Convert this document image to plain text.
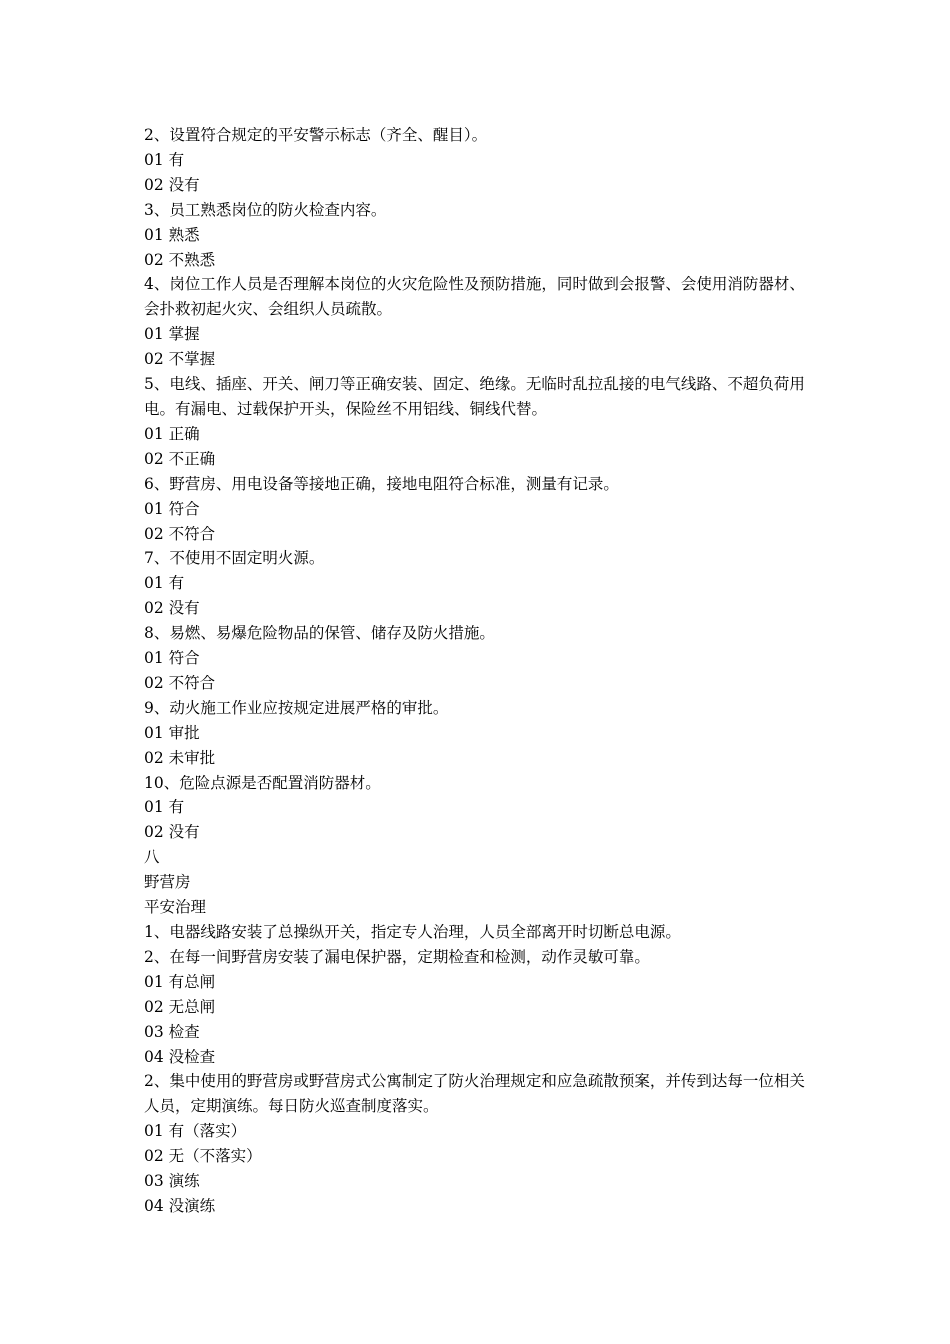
2、设置符合规定的平安警示标志（齐全、醒目）。

01 有

02 没有

3、员工熟悉岗位的防火检查内容。

01 熟悉

02 不熟悉

4、岗位工作人员是否理解本岗位的火灾危险性及预防措施，同时做到会报警、会使用消防器材、会扑救初起火灾、会组织人员疏散。

01 掌握

02 不掌握

5、电线、插座、开关、闸刀等正确安装、固定、绝缘。无临时乱拉乱接的电气线路、不超负荷用电。有漏电、过载保护开头，保险丝不用铝线、铜线代替。

01 正确

02 不正确

6、野营房、用电设备等接地正确，接地电阻符合标准，测量有记录。

01 符合

02 不符合

7、不使用不固定明火源。

01 有

02 没有

8、易燃、易爆危险物品的保管、储存及防火措施。

01 符合

02 不符合

9、动火施工作业应按规定进展严格的审批。

01 审批

02 未审批

10、危险点源是否配置消防器材。

01 有

02 没有

八

野营房

平安治理

1、电器线路安装了总操纵开关，指定专人治理，人员全部离开时切断总电源。

2、在每一间野营房安装了漏电保护器，定期检查和检测，动作灵敏可靠。

01 有总闸

02 无总闸

03 检查

04 没检查

2、集中使用的野营房或野营房式公寓制定了防火治理规定和应急疏散预案，并传到达每一位相关人员，定期演练。每日防火巡查制度落实。

01 有（落实）

02 无（不落实）

03 演练

04 没演练
